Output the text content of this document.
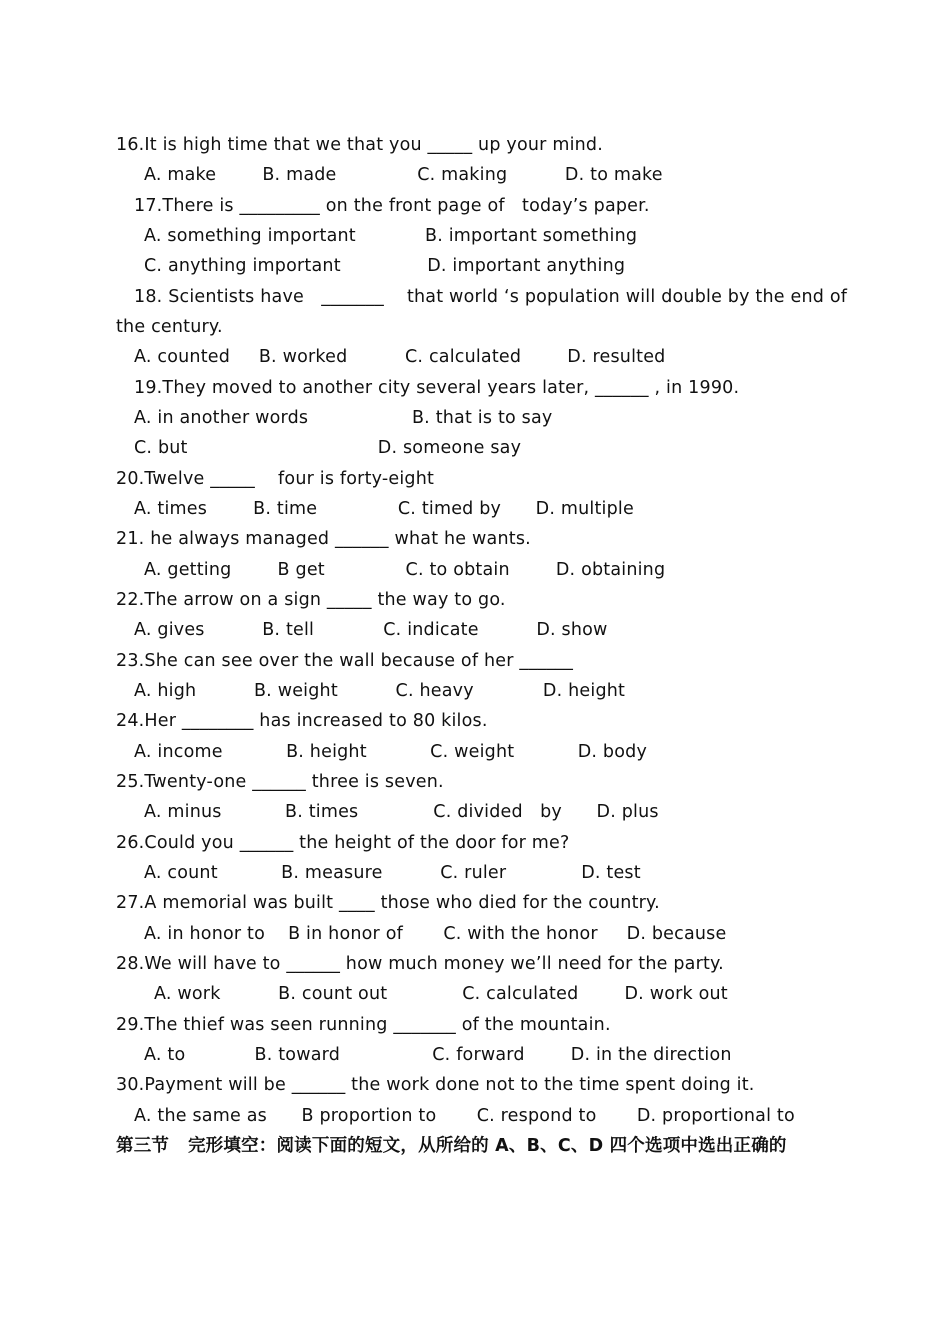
16.It is high time that we that you _____ up your mind.
A. make        B. made              C. making          D. to make
17.There is _________ on the front page of   today’s paper.
A. something important            B. important something
C. anything important               D. important anything
18. Scientists have   _______    that world ‘s population will double by the end of
the century.
A. counted     B. worked          C. calculated        D. resulted
19.They moved to another city several years later, ______ , in 1990.
A. in another words                  B. that is to say
C. but                                 D. someone say
20.Twelve _____    four is forty-eight
A. times        B. time              C. timed by      D. multiple
21. he always managed ______ what he wants.
A. getting        B get              C. to obtain        D. obtaining
22.The arrow on a sign _____ the way to go.
A. gives          B. tell            C. indicate          D. show
23.She can see over the wall because of her ______
A. high          B. weight          C. heavy            D. height
24.Her ________ has increased to 80 kilos.
A. income           B. height           C. weight           D. body
25.Twenty-one ______ three is seven.
A. minus           B. times             C. divided   by      D. plus
26.Could you ______ the height of the door for me?
A. count           B. measure          C. ruler             D. test
27.A memorial was built ____ those who died for the country.
A. in honor to    B in honor of       C. with the honor     D. because
28.We will have to ______ how much money we’ll need for the party.
A. work          B. count out             C. calculated        D. work out
29.The thief was seen running _______ of the mountain.
A. to            B. toward                C. forward        D. in the direction
30.Payment will be ______ the work done not to the time spent doing it.
A. the same as      B proportion to       C. respond to       D. proportional to
第三节   完形填空：阅读下面的短文，从所给的 A、B、C、D 四个选项中选出正确的
